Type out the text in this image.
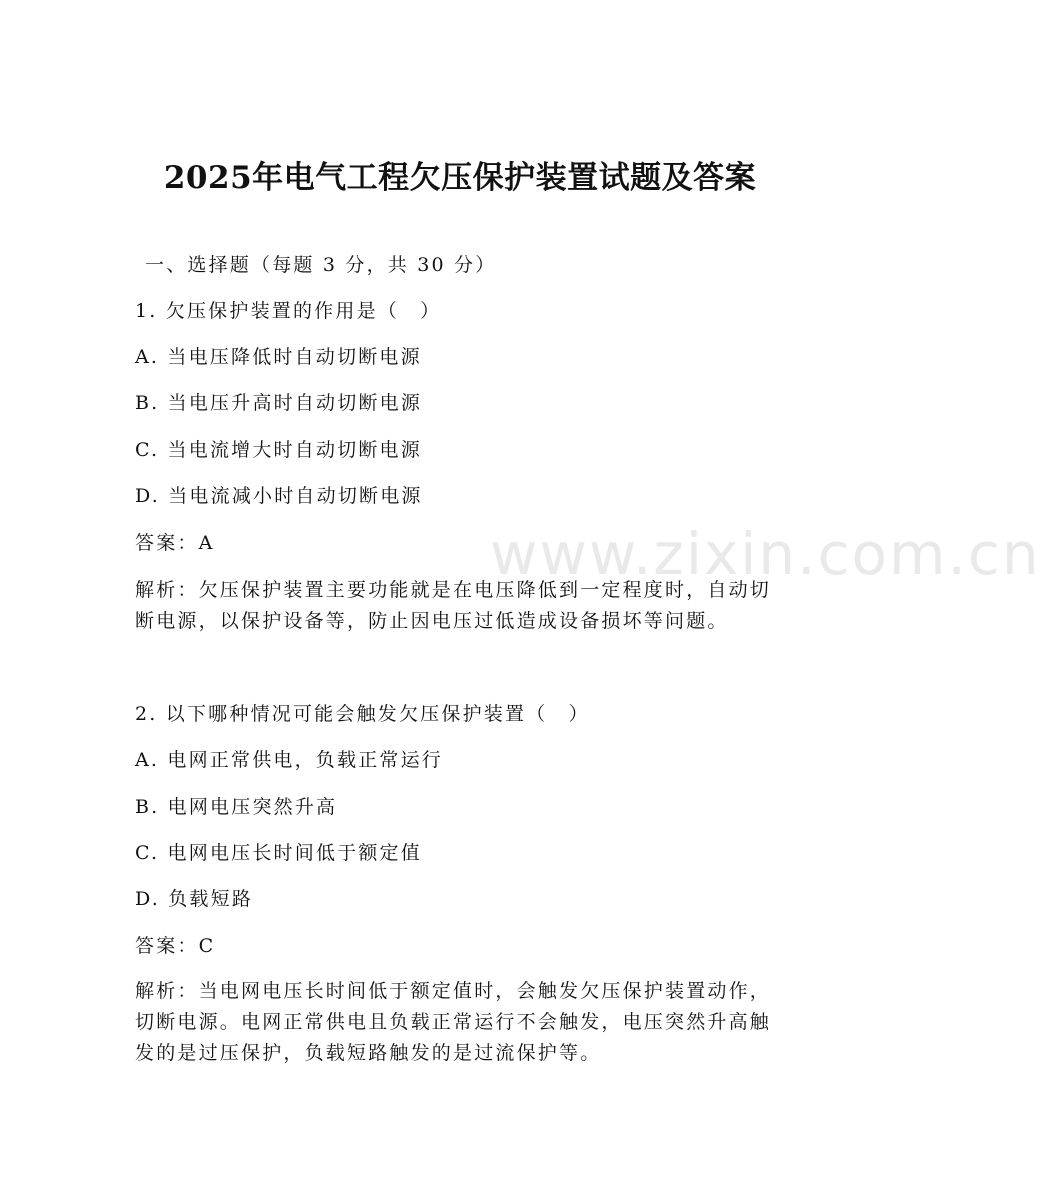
www.zixin.com.cn
2025年电气工程欠压保护装置试题及答案
一、选择题（每题 3 分，共 30 分）
1. 欠压保护装置的作用是（　）
A. 当电压降低时自动切断电源
B. 当电压升高时自动切断电源
C. 当电流增大时自动切断电源
D. 当电流减小时自动切断电源
答案：A
解析：欠压保护装置主要功能就是在电压降低到一定程度时，自动切断电源，以保护设备等，防止因电压过低造成设备损坏等问题。
2. 以下哪种情况可能会触发欠压保护装置（　）
A. 电网正常供电，负载正常运行
B. 电网电压突然升高
C. 电网电压长时间低于额定值
D. 负载短路
答案：C
解析：当电网电压长时间低于额定值时，会触发欠压保护装置动作，切断电源。电网正常供电且负载正常运行不会触发，电压突然升高触发的是过压保护，负载短路触发的是过流保护等。
